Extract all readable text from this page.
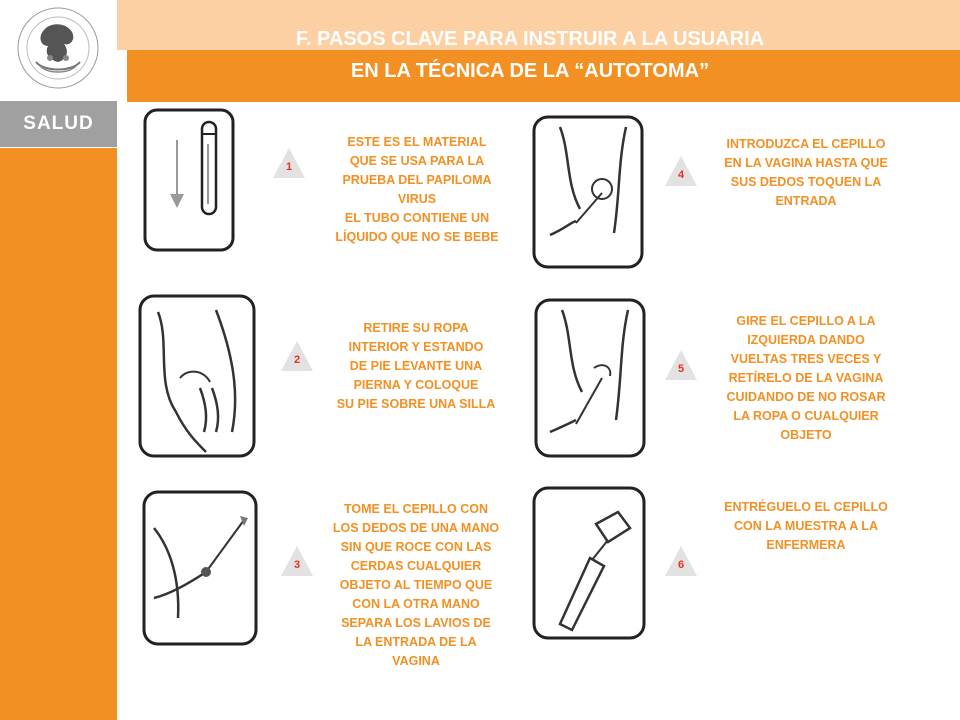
SALUD
F. PASOS CLAVE PARA INSTRUIR A LA USUARIA
EN LA TÉCNICA DE LA “AUTOTOMA”
1
ESTE ES EL MATERIAL
QUE SE USA PARA LA
PRUEBA DEL PAPILOMA
VIRUS
EL TUBO CONTIENE UN
LÍQUIDO QUE NO SE BEBE
2
RETIRE SU ROPA
INTERIOR Y ESTANDO
DE PIE LEVANTE UNA
PIERNA Y COLOQUE
SU PIE SOBRE UNA SILLA
3
TOME EL CEPILLO CON
LOS DEDOS DE UNA MANO
SIN QUE ROCE CON LAS
CERDAS CUALQUIER
OBJETO AL TIEMPO QUE
CON LA OTRA MANO
SEPARA LOS LAVIOS DE
LA ENTRADA DE LA
VAGINA
4
INTRODUZCA EL CEPILLO
EN LA VAGINA HASTA QUE
SUS DEDOS TOQUEN LA
ENTRADA
5
GIRE EL CEPILLO A LA
IZQUIERDA DANDO
VUELTAS TRES VECES Y
RETÍRELO DE LA VAGINA
CUIDANDO DE NO ROSAR
LA ROPA O CUALQUIER
OBJETO
6
ENTRÉGUELO EL CEPILLO
CON LA MUESTRA A LA
ENFERMERA
